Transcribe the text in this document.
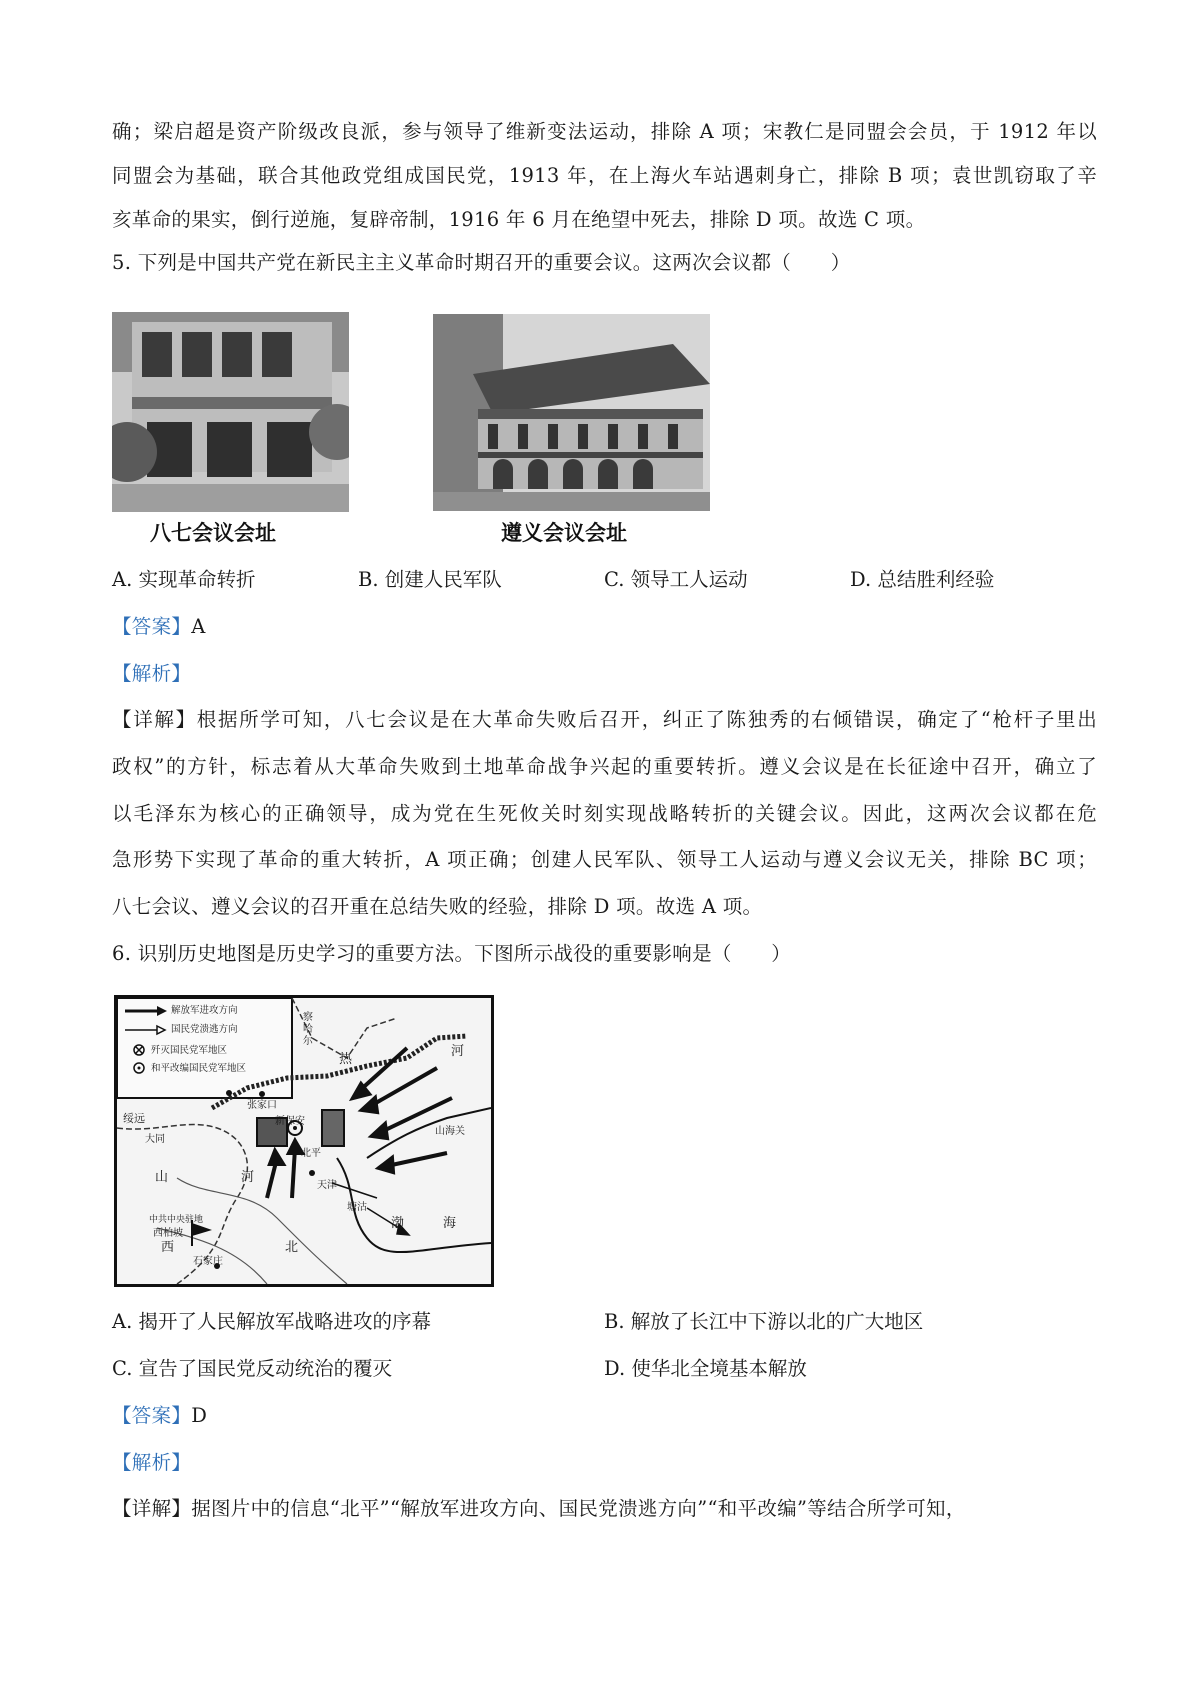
确；梁启超是资产阶级改良派，参与领导了维新变法运动，排除 A 项；宋教仁是同盟会会员，于 1912 年以
同盟会为基础，联合其他政党组成国民党，1913 年，在上海火车站遇刺身亡，排除 B 项；袁世凯窃取了辛
亥革命的果实，倒行逆施，复辟帝制，1916 年 6 月在绝望中死去，排除 D 项。故选 C 项。
5. 下列是中国共产党在新民主主义革命时期召开的重要会议。这两次会议都（　　）
八七会议会址	遵义会议会址
A. 实现革命转折	B. 创建人民军队	C. 领导工人运动	D. 总结胜利经验
【答案】A
【解析】
【详解】根据所学可知，八七会议是在大革命失败后召开，纠正了陈独秀的右倾错误，确定了“枪杆子里出
政权”的方针，标志着从大革命失败到土地革命战争兴起的重要转折。遵义会议是在长征途中召开，确立了
以毛泽东为核心的正确领导，成为党在生死攸关时刻实现战略转折的关键会议。因此，这两次会议都在危
急形势下实现了革命的重大转折，A 项正确；创建人民军队、领导工人运动与遵义会议无关，排除 BC 项；
八七会议、遵义会议的召开重在总结失败的经验，排除 D 项。故选 A 项。
6. 识别历史地图是历史学习的重要方法。下图所示战役的重要影响是（　　）
解放军进攻方向
国民党溃逃方向
歼灭国民党军地区
和平改编国民党军地区
察哈尔
绥远
大同
张家口
新保安
北平
天津
塘沽
山海关
石家庄
中共中央驻地
西柏坡
山
西
河
北
热
河
渤	海
A. 揭开了人民解放军战略进攻的序幕	B. 解放了长江中下游以北的广大地区
C. 宣告了国民党反动统治的覆灭	D. 使华北全境基本解放
【答案】D
【解析】
【详解】据图片中的信息“北平”“解放军进攻方向、国民党溃逃方向”“和平改编”等结合所学可知，
